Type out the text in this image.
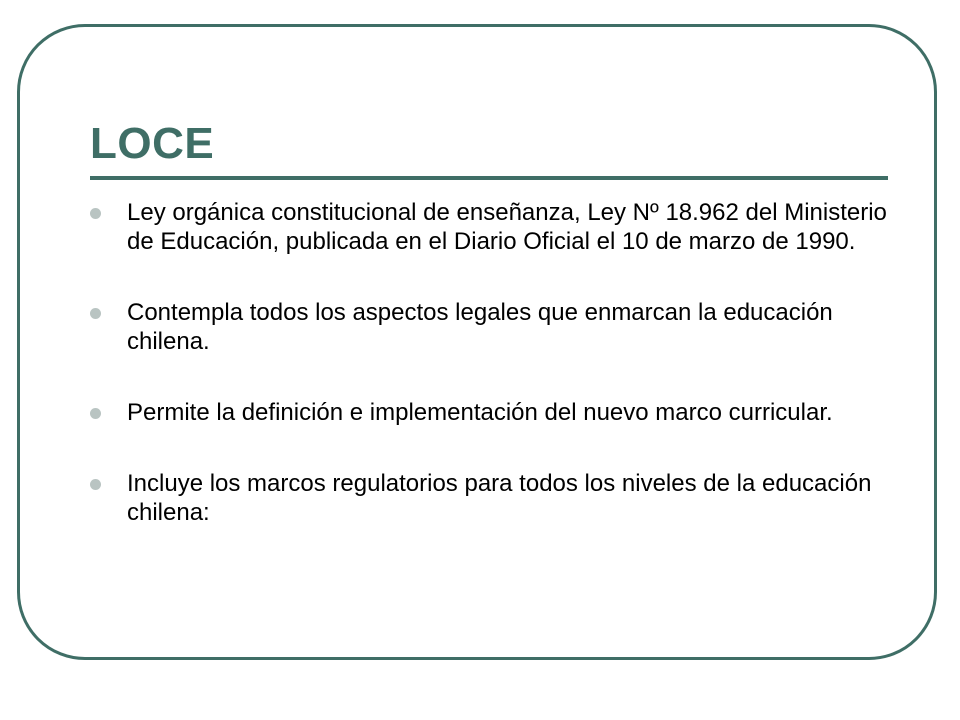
LOCE
Ley orgánica constitucional de enseñanza, Ley Nº 18.962 del Ministerio de Educación, publicada en el Diario Oficial el 10 de marzo de 1990.
Contempla todos los aspectos legales que enmarcan la educación chilena.
Permite la definición e implementación del nuevo marco curricular.
Incluye los marcos regulatorios para todos los niveles de la educación chilena:
